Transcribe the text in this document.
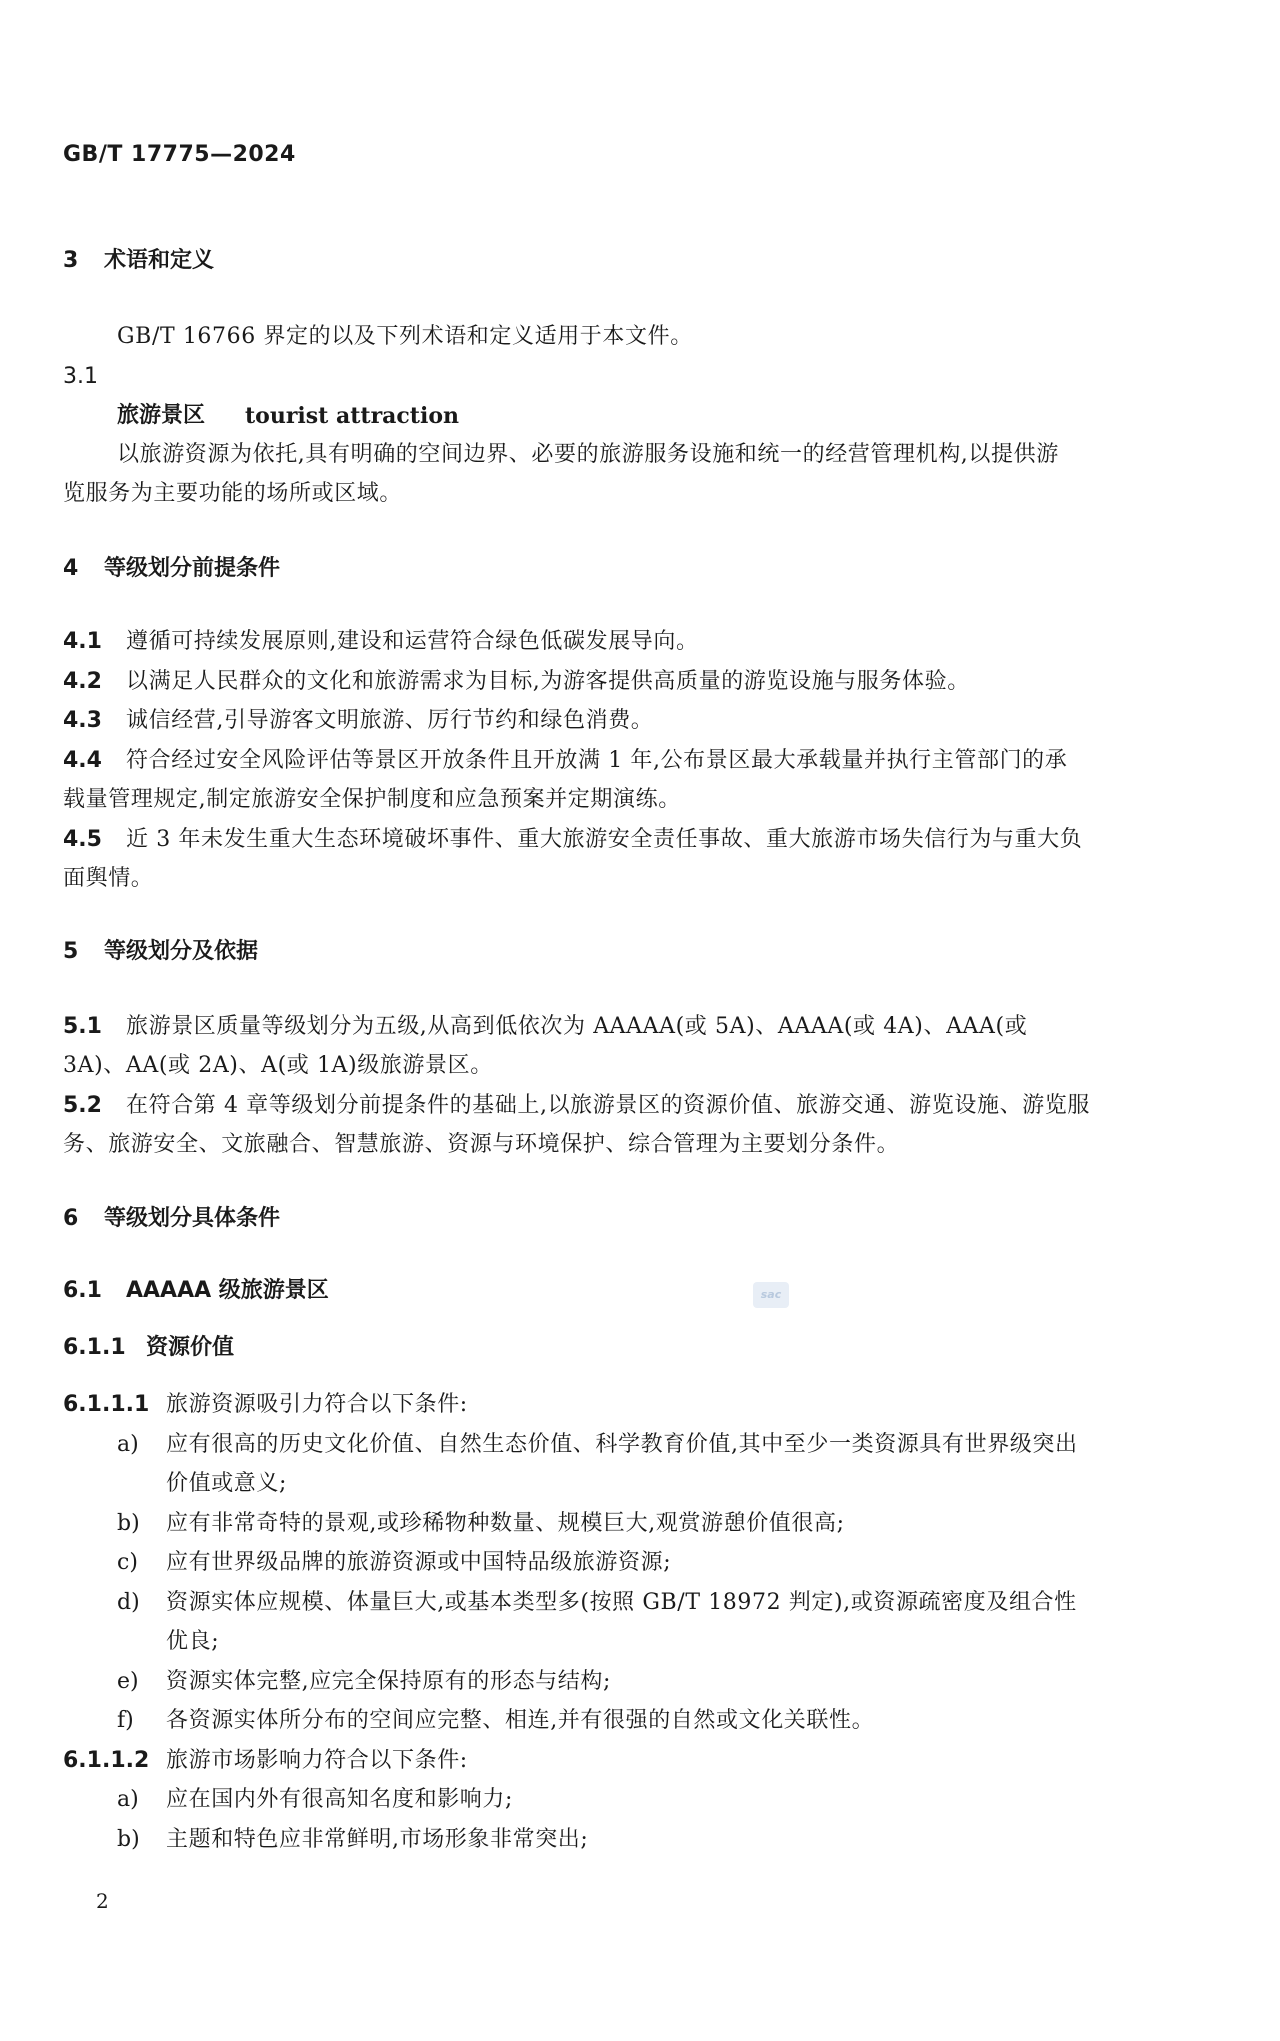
GB/T 17775—2024
3 术语和定义
GB/T 16766 界定的以及下列术语和定义适用于本文件。
3.1
旅游景区 tourist attraction
以旅游资源为依托,具有明确的空间边界、必要的旅游服务设施和统一的经营管理机构,以提供游
览服务为主要功能的场所或区域。
4 等级划分前提条件
4.1 遵循可持续发展原则,建设和运营符合绿色低碳发展导向。
4.2 以满足人民群众的文化和旅游需求为目标,为游客提供高质量的游览设施与服务体验。
4.3 诚信经营,引导游客文明旅游、厉行节约和绿色消费。
4.4 符合经过安全风险评估等景区开放条件且开放满 1 年,公布景区最大承载量并执行主管部门的承
载量管理规定,制定旅游安全保护制度和应急预案并定期演练。
4.5 近 3 年未发生重大生态环境破坏事件、重大旅游安全责任事故、重大旅游市场失信行为与重大负
面舆情。
5 等级划分及依据
5.1 旅游景区质量等级划分为五级,从高到低依次为 AAAAA(或 5A)、AAAA(或 4A)、AAA(或
3A)、AA(或 2A)、A(或 1A)级旅游景区。
5.2 在符合第 4 章等级划分前提条件的基础上,以旅游景区的资源价值、旅游交通、游览设施、游览服
务、旅游安全、文旅融合、智慧旅游、资源与环境保护、综合管理为主要划分条件。
6 等级划分具体条件
6.1 AAAAA 级旅游景区	sac
6.1.1 资源价值
6.1.1.1 旅游资源吸引力符合以下条件:
a) 应有很高的历史文化价值、自然生态价值、科学教育价值,其中至少一类资源具有世界级突出
价值或意义;
b) 应有非常奇特的景观,或珍稀物种数量、规模巨大,观赏游憩价值很高;
c) 应有世界级品牌的旅游资源或中国特品级旅游资源;
d) 资源实体应规模、体量巨大,或基本类型多(按照 GB/T 18972 判定),或资源疏密度及组合性
优良;
e) 资源实体完整,应完全保持原有的形态与结构;
f) 各资源实体所分布的空间应完整、相连,并有很强的自然或文化关联性。
6.1.1.2 旅游市场影响力符合以下条件:
a) 应在国内外有很高知名度和影响力;
b) 主题和特色应非常鲜明,市场形象非常突出;
2
